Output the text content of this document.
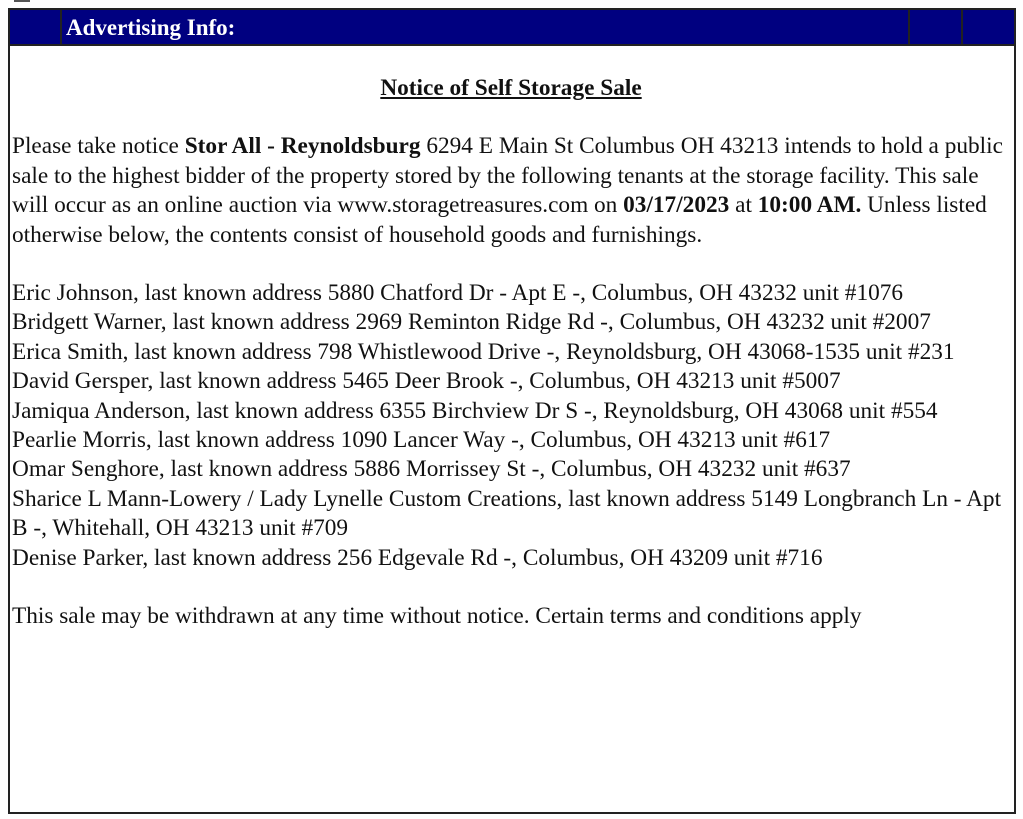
Advertising Info:
Notice of Self Storage Sale

Please take notice Stor All - Reynoldsburg 6294 E Main St Columbus OH 43213 intends to hold a public sale to the highest bidder of the property stored by the following tenants at the storage facility. This sale will occur as an online auction via www.storagetreasures.com on 03/17/2023 at 10:00 AM. Unless listed otherwise below, the contents consist of household goods and furnishings.

Eric Johnson, last known address 5880 Chatford Dr - Apt E -, Columbus, OH 43232 unit #1076

Bridgett Warner, last known address 2969 Reminton Ridge Rd -, Columbus, OH 43232 unit #2007

Erica Smith, last known address 798 Whistlewood Drive -, Reynoldsburg, OH 43068-1535 unit #231

David Gersper, last known address 5465 Deer Brook -, Columbus, OH 43213 unit #5007

Jamiqua Anderson, last known address 6355 Birchview Dr S -, Reynoldsburg, OH 43068 unit #554

Pearlie Morris, last known address 1090 Lancer Way -, Columbus, OH 43213 unit #617

Omar Senghore, last known address 5886 Morrissey St -, Columbus, OH 43232 unit #637

Sharice L Mann-Lowery / Lady Lynelle Custom Creations, last known address 5149 Longbranch Ln - Apt B -, Whitehall, OH 43213 unit #709

Denise Parker, last known address 256 Edgevale Rd -, Columbus, OH 43209 unit #716

This sale may be withdrawn at any time without notice. Certain terms and conditions apply
